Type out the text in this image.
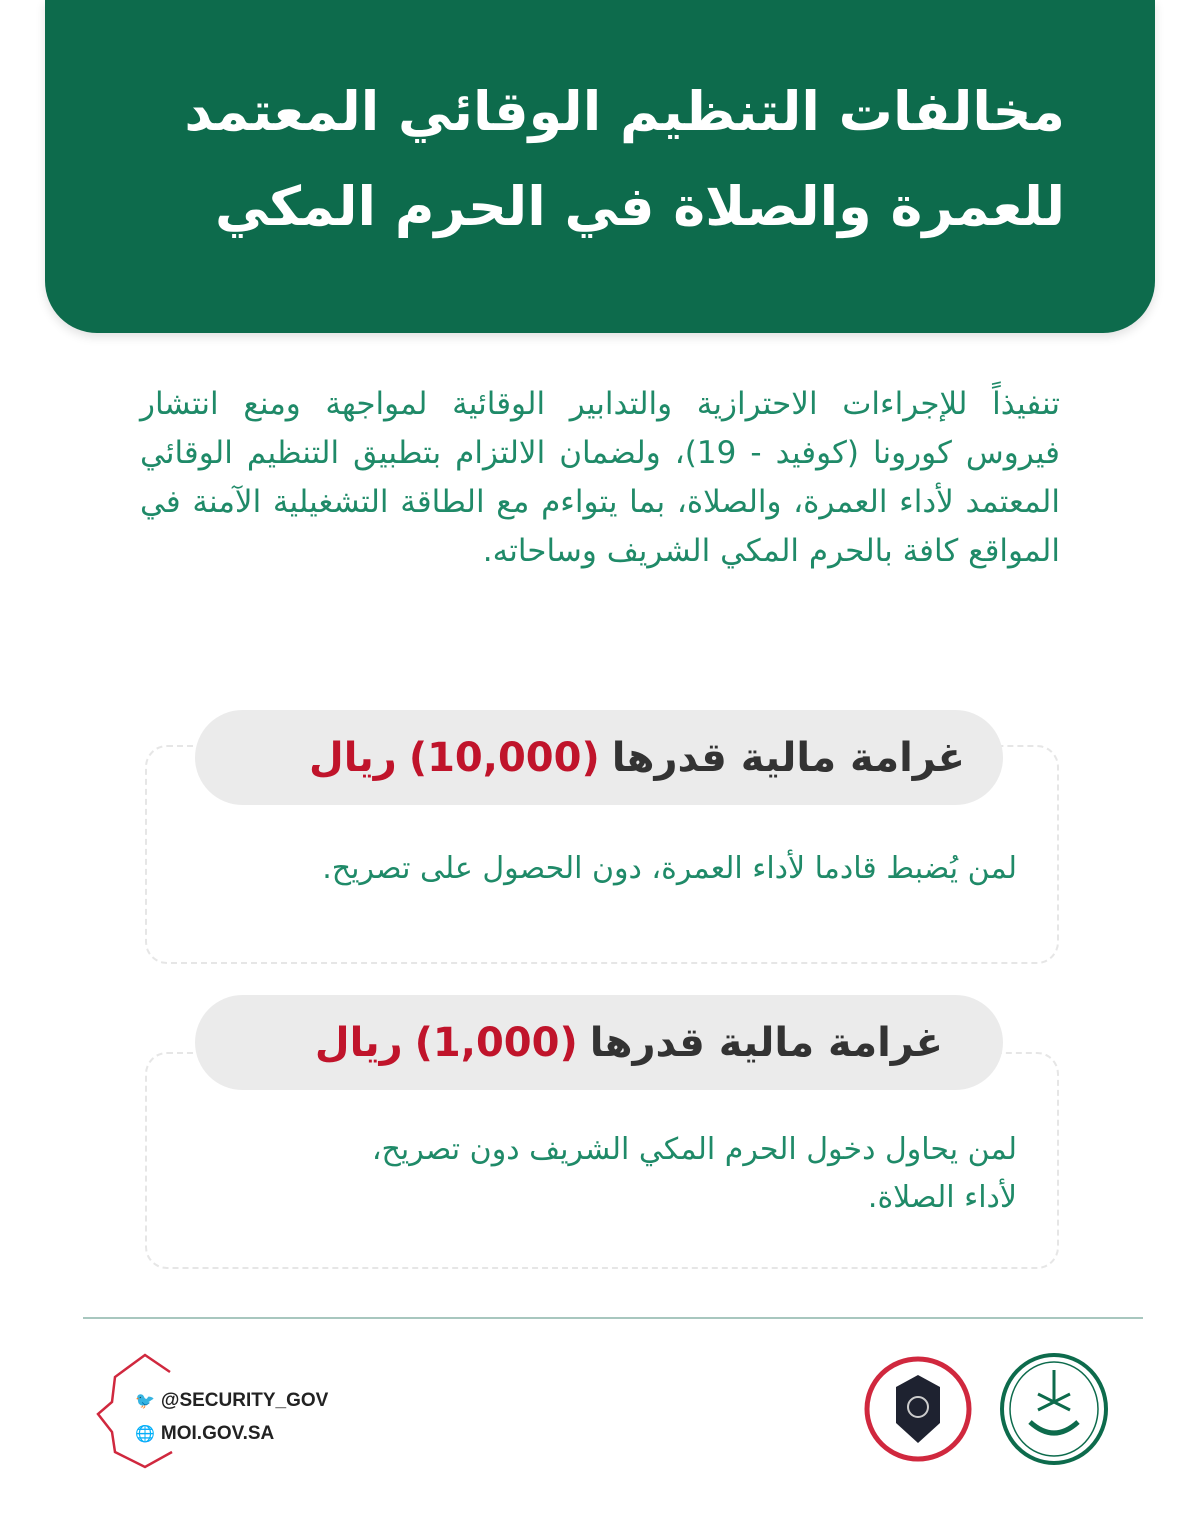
مخالفات التنظيم الوقائي المعتمد
للعمرة والصلاة في الحرم المكي
تنفيذاً للإجراءات الاحترازية والتدابير الوقائية لمواجهة ومنع انتشار فيروس كورونا (كوفيد - 19)، ولضمان الالتزام بتطبيق التنظيم الوقائي المعتمد لأداء العمرة، والصلاة، بما يتواءم مع الطاقة التشغيلية الآمنة في المواقع كافة بالحرم المكي الشريف وساحاته.
لمن يُضبط قادما لأداء العمرة، دون الحصول على تصريح.
غرامة مالية قدرها
(10,000)
ريال
لمن يحاول دخول الحرم المكي الشريف دون تصريح،
لأداء الصلاة.
غرامة مالية قدرها
(1,000)
ريال
🐦 @SECURITY_GOV
🌐 MOI.GOV.SA
